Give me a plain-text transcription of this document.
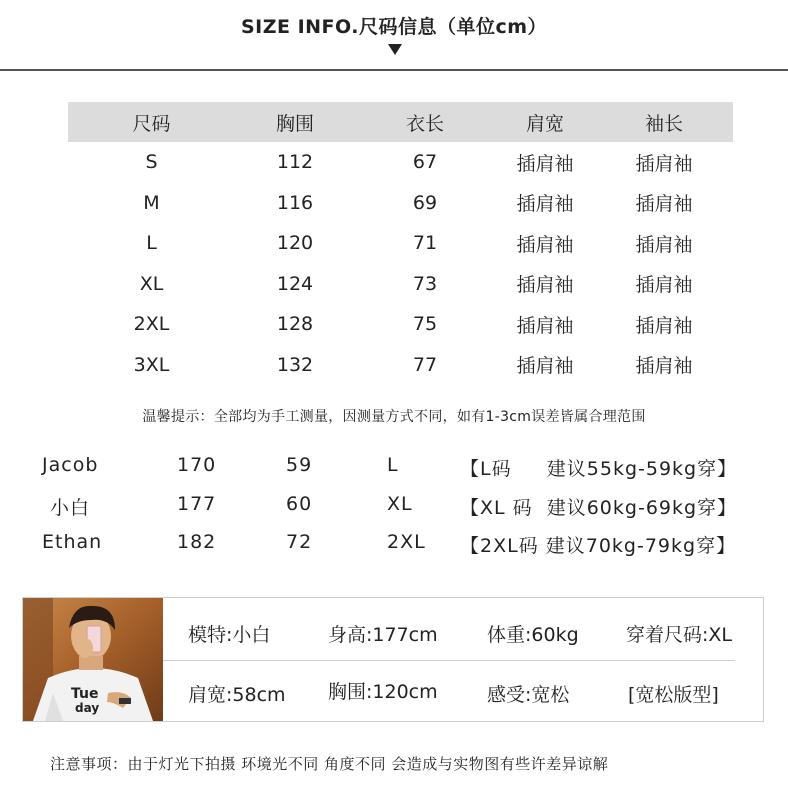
SIZE INFO.尺码信息（单位cm）
尺码	胸围	衣长	肩宽	袖长
S	112	67	插肩袖	插肩袖
M	116	69	插肩袖	插肩袖
L	120	71	插肩袖	插肩袖
XL	124	73	插肩袖	插肩袖
2XL	128	75	插肩袖	插肩袖
3XL	132	77	插肩袖	插肩袖
温馨提示：全部均为手工测量，因测量方式不同，如有1-3cm误差皆属合理范围
Jacob	170	59	L	【L码     建议55kg-59kg穿】
小白	177	60	XL 【XL 码  建议60kg-69kg穿】
Ethan	182	72	2XL 【2XL码 建议70kg-79kg穿】
Tue
day
模特:小白	身高:177cm	体重:60kg 穿着尺码:XL
肩宽:58cm 胸围:120cm	感受:宽松	[宽松版型]
注意事项：由于灯光下拍摄 环境光不同 角度不同 会造成与实物图有些许差异谅解
